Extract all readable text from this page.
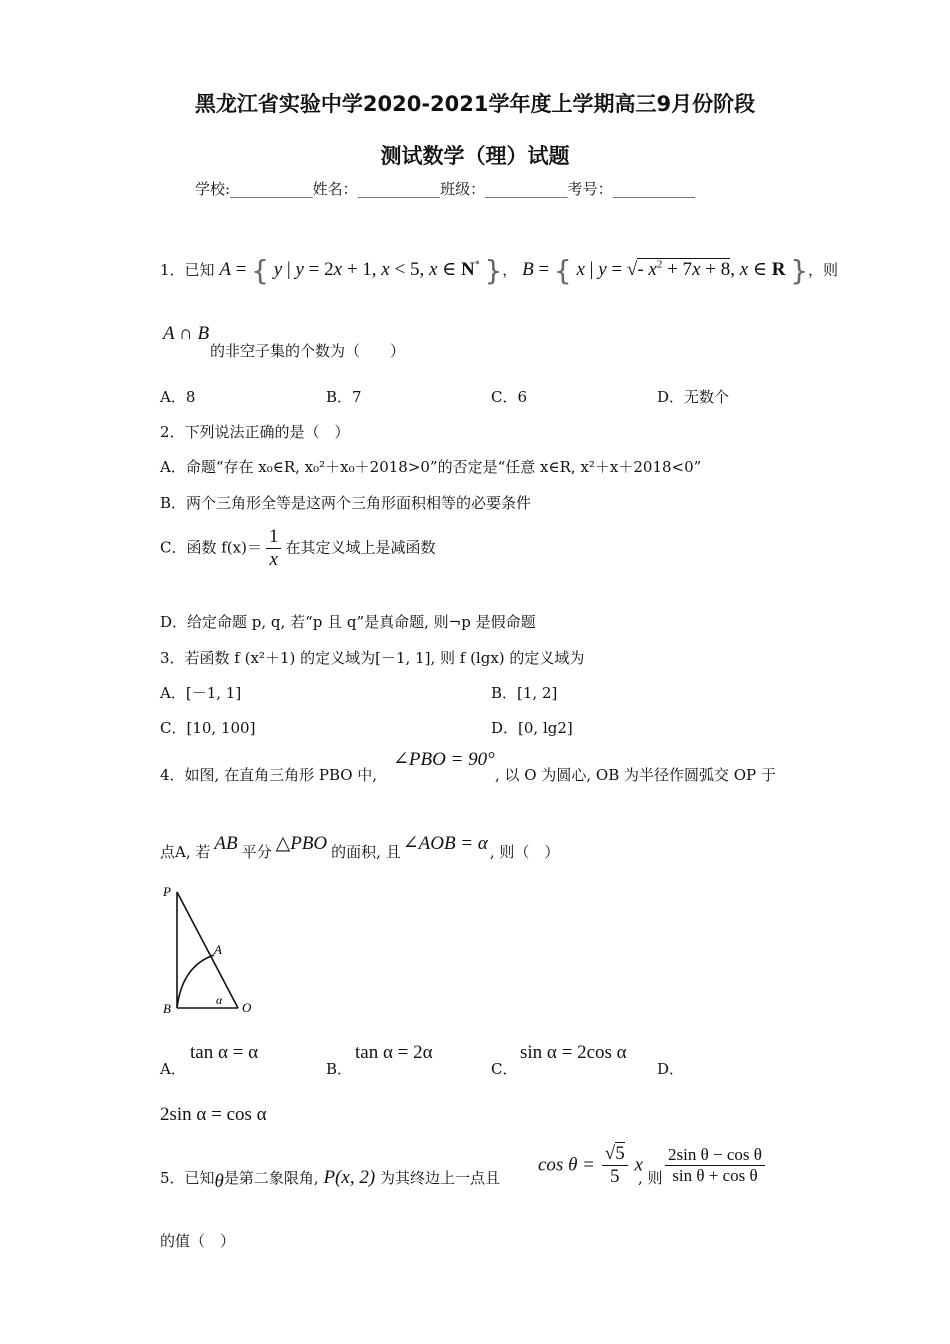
黑龙江省实验中学2020-2021学年度上学期高三9月份阶段
测试数学（理）试题
学校:___________姓名：___________班级：___________考号：___________
1．已知 A = { y | y = 2x + 1, x < 5, x ∈ N* }， B = { x | y = √- $x^2 + 7x + 8$, x ∈ R }，则
A ∩ B
的非空子集的个数为（　　）
A．8	B．7	C．6	D．无数个
2．下列说法正确的是（　）
A．命题“存在 x₀∈R, x₀²＋x₀＋2018>0”的否定是“任意 x∈R, x²＋x＋2018<0”
B．两个三角形全等是这两个三角形面积相等的必要条件
C．函数 $f(x)= \frac{1}{x}$ 在其定义域上是减函数
D．给定命题 p, q, 若“p 且 q”是真命题, 则¬p 是假命题
3．若函数 f (x²＋1) 的定义域为[－1, 1], 则 f (lgx) 的定义域为
A．[－1, 1]	B．[1, 2]
C．[10, 100]	D．[0, lg2]
4．如图, 在直角三角形 PBO 中,
∠PBO = 90°
, 以 O 为圆心, OB 为半径作圆弧交 OP 于
点A, 若 AB 平分 △PBO 的面积, 且 ∠AOB = α , 则（　）
P
A
B	O
α
A．
tan α = α
B．
tan α = 2α
C．
sin α = 2cos α
D．
2sin α = cos α
5．已知θ是第二象限角, P(x, 2) 为其终边上一点且
$\cos \theta = \frac{√5}{5}$ x
, 则 $\frac{\text{2sin θ − cos θ}}{\text{sin θ + cos θ}}$
的值（　）
